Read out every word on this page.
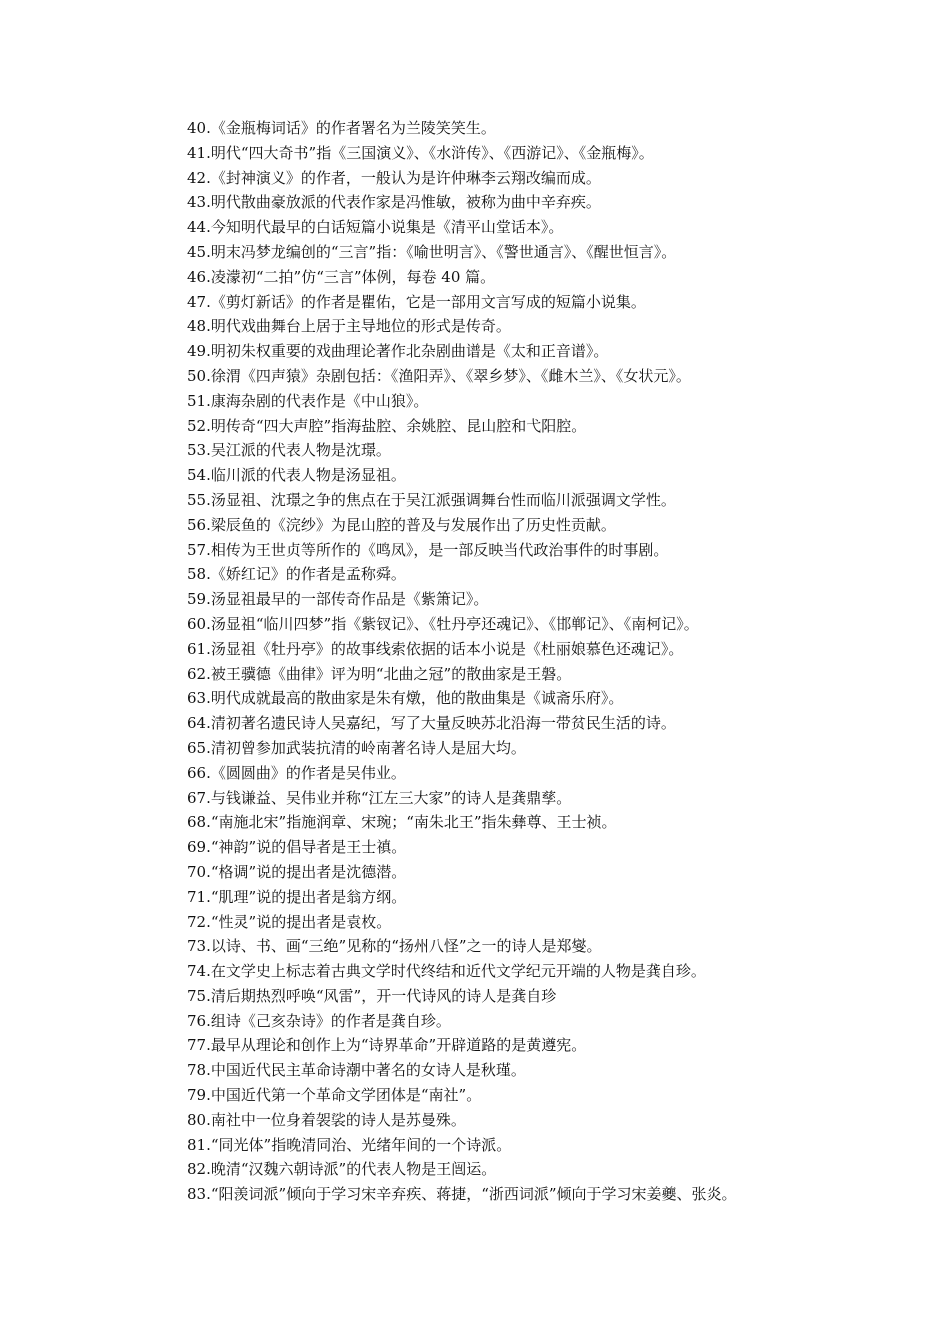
40.《金瓶梅词话》的作者署名为兰陵笑笑生。
41.明代“四大奇书”指《三国演义》、《水浒传》、《西游记》、《金瓶梅》。
42.《封神演义》的作者，一般认为是许仲琳李云翔改编而成。
43.明代散曲豪放派的代表作家是冯惟敏，被称为曲中辛弃疾。
44.今知明代最早的白话短篇小说集是《清平山堂话本》。
45.明末冯梦龙编创的“三言”指：《喻世明言》、《警世通言》、《醒世恒言》。
46.凌濛初“二拍”仿“三言”体例，每卷 40 篇。
47.《剪灯新话》的作者是瞿佑，它是一部用文言写成的短篇小说集。
48.明代戏曲舞台上居于主导地位的形式是传奇。
49.明初朱权重要的戏曲理论著作北杂剧曲谱是《太和正音谱》。
50.徐渭《四声猿》杂剧包括：《渔阳弄》、《翠乡梦》、《雌木兰》、《女状元》。
51.康海杂剧的代表作是《中山狼》。
52.明传奇“四大声腔”指海盐腔、余姚腔、昆山腔和弋阳腔。
53.吴江派的代表人物是沈璟。
54.临川派的代表人物是汤显祖。
55.汤显祖、沈璟之争的焦点在于吴江派强调舞台性而临川派强调文学性。
56.梁辰鱼的《浣纱》为昆山腔的普及与发展作出了历史性贡献。
57.相传为王世贞等所作的《鸣凤》，是一部反映当代政治事件的时事剧。
58.《娇红记》的作者是孟称舜。
59.汤显祖最早的一部传奇作品是《紫箫记》。
60.汤显祖“临川四梦”指《紫钗记》、《牡丹亭还魂记》、《邯郸记》、《南柯记》。
61.汤显祖《牡丹亭》的故事线索依据的话本小说是《杜丽娘慕色还魂记》。
62.被王骥德《曲律》评为明“北曲之冠”的散曲家是王磐。
63.明代成就最高的散曲家是朱有燉，他的散曲集是《诚斋乐府》。
64.清初著名遗民诗人吴嘉纪，写了大量反映苏北沿海一带贫民生活的诗。
65.清初曾参加武装抗清的岭南著名诗人是屈大均。
66.《圆圆曲》的作者是吴伟业。
67.与钱谦益、吴伟业并称“江左三大家”的诗人是龚鼎孳。
68.“南施北宋”指施润章、宋琬；“南朱北王”指朱彝尊、王士祯。
69.“神韵”说的倡导者是王士禛。
70.“格调”说的提出者是沈德潜。
71.“肌理”说的提出者是翁方纲。
72.“性灵”说的提出者是袁枚。
73.以诗、书、画“三绝”见称的“扬州八怪”之一的诗人是郑燮。
74.在文学史上标志着古典文学时代终结和近代文学纪元开端的人物是龚自珍。
75.清后期热烈呼唤“风雷”，开一代诗风的诗人是龚自珍
76.组诗《己亥杂诗》的作者是龚自珍。
77.最早从理论和创作上为“诗界革命”开辟道路的是黄遵宪。
78.中国近代民主革命诗潮中著名的女诗人是秋瑾。
79.中国近代第一个革命文学团体是“南社”。
80.南社中一位身着袈裟的诗人是苏曼殊。
81.“同光体”指晚清同治、光绪年间的一个诗派。
82.晚清“汉魏六朝诗派”的代表人物是王闿运。
83.“阳羡词派”倾向于学习宋辛弃疾、蒋捷，“浙西词派”倾向于学习宋姜夔、张炎。
